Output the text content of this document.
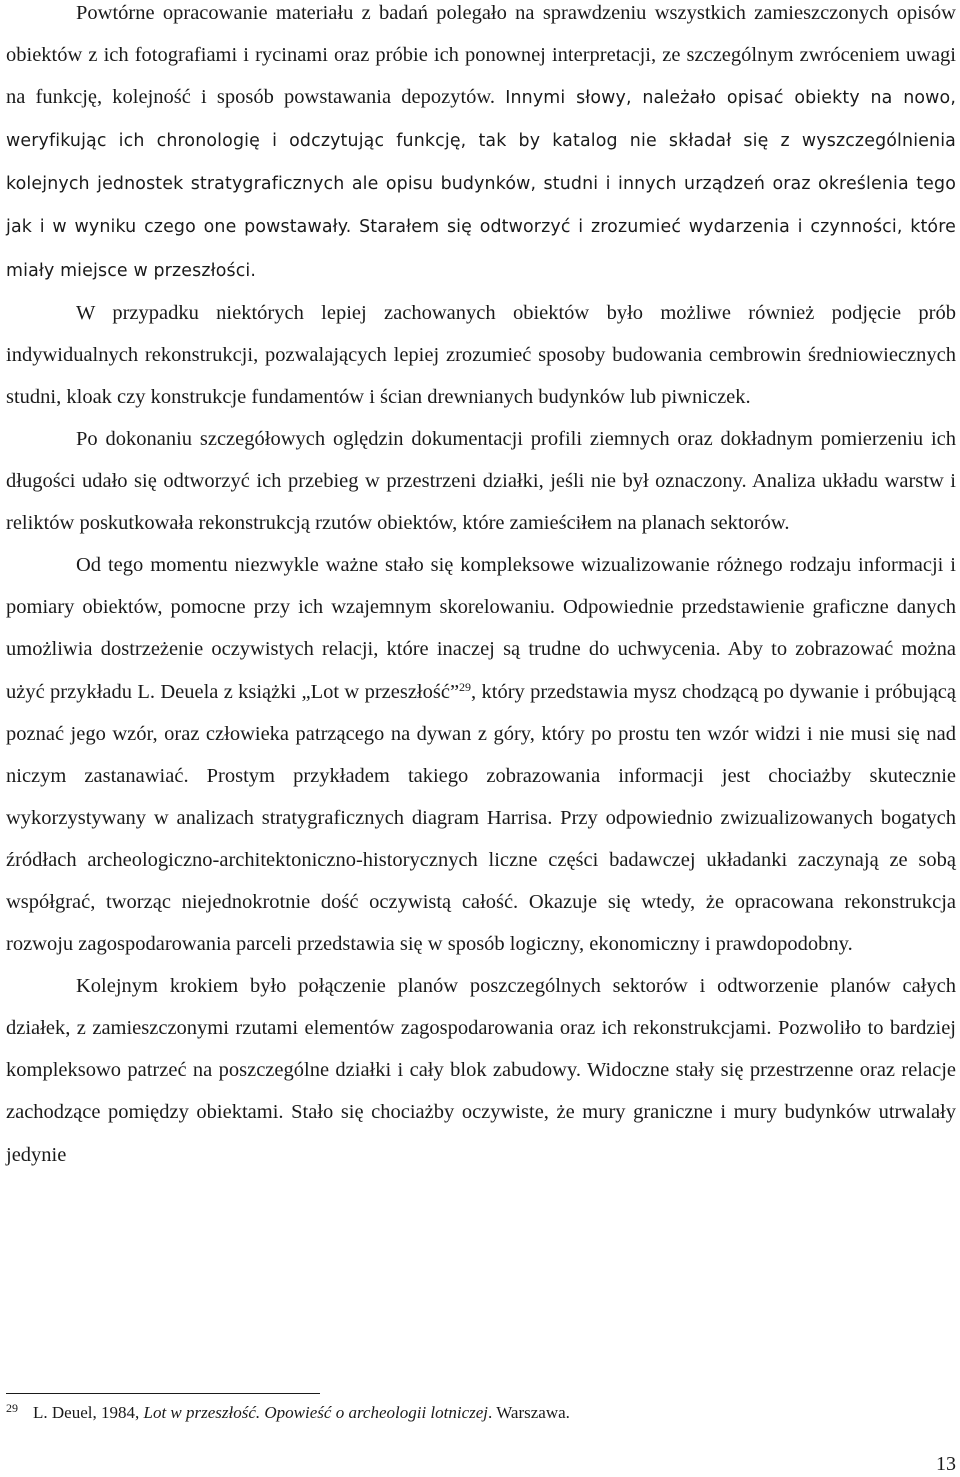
Powtórne opracowanie materiału z badań polegało na sprawdzeniu wszystkich zamieszczonych opisów obiektów z ich fotografiami i rycinami oraz próbie ich ponownej interpretacji, ze szczególnym zwróceniem uwagi na funkcję, kolejność i sposób powstawania depozytów. Innymi słowy, należało opisać obiekty na nowo, weryfikując ich chronologię i odczytując funkcję, tak by katalog nie składał się z wyszczególnienia kolejnych jednostek stratygraficznych ale opisu budynków, studni i innych urządzeń oraz określenia tego jak i w wyniku czego one powstawały. Starałem się odtworzyć i zrozumieć wydarzenia i czynności, które miały miejsce w przeszłości.

W przypadku niektórych lepiej zachowanych obiektów było możliwe również podjęcie prób indywidualnych rekonstrukcji, pozwalających lepiej zrozumieć sposoby budowania cembrowin średniowiecznych studni, kloak czy konstrukcje fundamentów i ścian drewnianych budynków lub piwniczek.

Po dokonaniu szczegółowych oględzin dokumentacji profili ziemnych oraz dokładnym pomierzeniu ich długości udało się odtworzyć ich przebieg w przestrzeni działki, jeśli nie był oznaczony. Analiza układu warstw i reliktów poskutkowała rekonstrukcją rzutów obiektów, które zamieściłem na planach sektorów.

Od tego momentu niezwykle ważne stało się kompleksowe wizualizowanie różnego rodzaju informacji i pomiary obiektów, pomocne przy ich wzajemnym skorelowaniu. Odpowiednie przedstawienie graficzne danych umożliwia dostrzeżenie oczywistych relacji, które inaczej są trudne do uchwycenia. Aby to zobrazować można użyć przykładu L. Deuela z książki „Lot w przeszłość”$^{29}$, który przedstawia mysz chodzącą po dywanie i próbującą poznać jego wzór, oraz człowieka patrzącego na dywan z góry, który po prostu ten wzór widzi i nie musi się nad niczym zastanawiać. Prostym przykładem takiego zobrazowania informacji jest chociażby skutecznie wykorzystywany w analizach stratygraficznych diagram Harrisa. Przy odpowiednio zwizualizowanych bogatych źródłach archeologiczno-architektoniczno-historycznych liczne części badawczej układanki zaczynają ze sobą współgrać, tworząc niejednokrotnie dość oczywistą całość. Okazuje się wtedy, że opracowana rekonstrukcja rozwoju zagospodarowania parceli przedstawia się w sposób logiczny, ekonomiczny i prawdopodobny.

Kolejnym krokiem było połączenie planów poszczególnych sektorów i odtworzenie planów całych działek, z zamieszczonymi rzutami elementów zagospodarowania oraz ich rekonstrukcjami. Pozwoliło to bardziej kompleksowo patrzeć na poszczególne działki i cały blok zabudowy. Widoczne stały się przestrzenne oraz relacje zachodzące pomiędzy obiektami. Stało się chociażby oczywiste, że mury graniczne i mury budynków utrwalały jedynie

29 L. Deuel, 1984, Lot w przeszłość. Opowieść o archeologii lotniczej. Warszawa.

13
